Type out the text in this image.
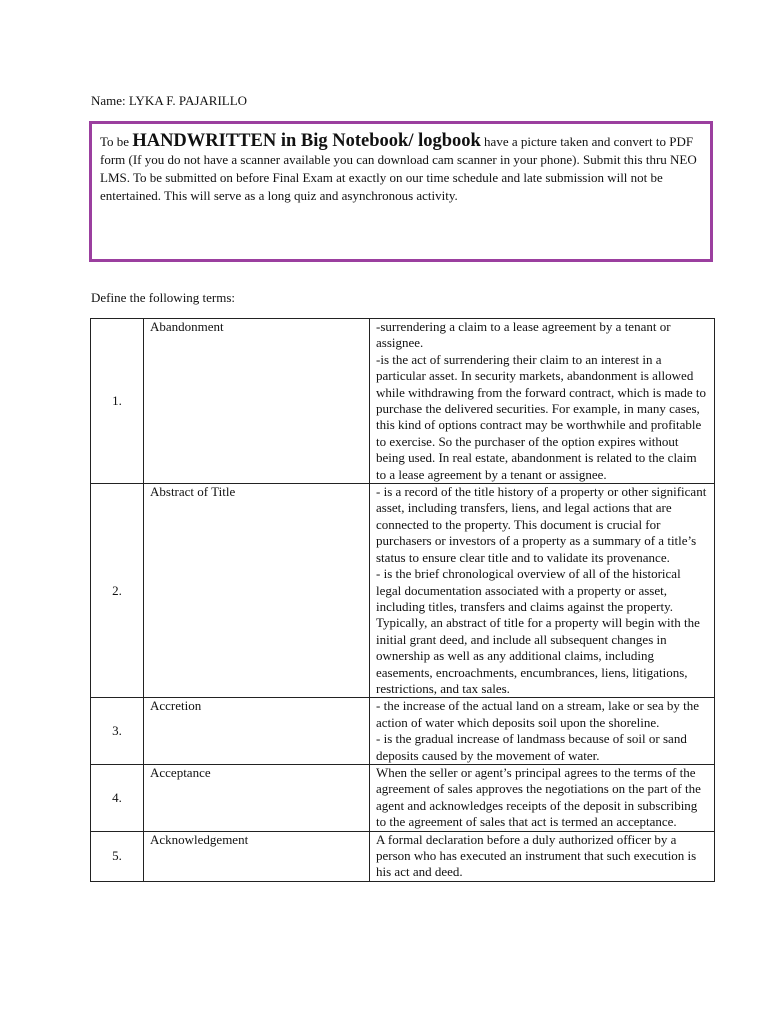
Name: LYKA F. PAJARILLO
To be HANDWRITTEN in Big Notebook/ logbook have a picture taken and convert to PDF form (If you do not have a scanner available you can download cam scanner in your phone). Submit this thru NEO LMS. To be submitted on before Final Exam at exactly on our time schedule and late submission will not be entertained. This will serve as a long quiz and asynchronous activity.
Define the following terms:
1.	Abandonment	-surrendering a claim to a lease agreement by a tenant or assignee.
-is the act of surrendering their claim to an interest in a particular asset. In security markets, abandonment is allowed while withdrawing from the forward contract, which is made to purchase the delivered securities. For example, in many cases, this kind of options contract may be worthwhile and profitable to exercise. So the purchaser of the option expires without being used. In real estate, abandonment is related to the claim to a lease agreement by a tenant or assignee.

2.	Abstract of Title	- is a record of the title history of a property or other significant asset, including transfers, liens, and legal actions that are connected to the property. This document is crucial for purchasers or investors of a property as a summary of a title’s status to ensure clear title and to validate its provenance.
- is the brief chronological overview of all of the historical legal documentation associated with a property or asset, including titles, transfers and claims against the property. Typically, an abstract of title for a property will begin with the initial grant deed, and include all subsequent changes in ownership as well as any additional claims, including easements, encroachments, encumbrances, liens, litigations, restrictions, and tax sales.

3.	Accretion	- the increase of the actual land on a stream, lake or sea by the action of water which deposits soil upon the shoreline.
- is the gradual increase of landmass because of soil or sand deposits caused by the movement of water.

4.	Acceptance	When the seller or agent’s principal agrees to the terms of the agreement of sales approves the negotiations on the part of the agent and acknowledges receipts of the deposit in subscribing to the agreement of sales that act is termed an acceptance.

5.	Acknowledgement	A formal declaration before a duly authorized officer by a person who has executed an instrument that such execution is his act and deed.
